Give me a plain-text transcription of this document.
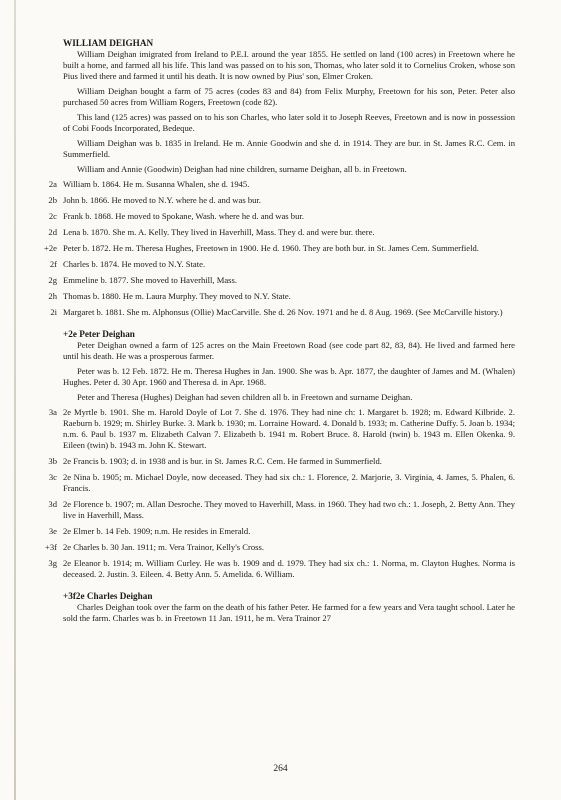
WILLIAM DEIGHAN

William Deighan imigrated from Ireland to P.E.I. around the year 1855. He settled on land (100 acres) in Freetown where he built a home, and farmed all his life. This land was passed on to his son, Thomas, who later sold it to Cornelius Croken, whose son Pius lived there and farmed it until his death. It is now owned by Pius' son, Elmer Croken.

William Deighan bought a farm of 75 acres (codes 83 and 84) from Felix Murphy, Freetown for his son, Peter. Peter also purchased 50 acres from William Rogers, Freetown (code 82).

This land (125 acres) was passed on to his son Charles, who later sold it to Joseph Reeves, Freetown and is now in possession of Cobi Foods Incorporated, Bedeque.

William Deighan was b. 1835 in Ireland. He m. Annie Goodwin and she d. in 1914. They are bur. in St. James R.C. Cem. in Summerfield.

William and Annie (Goodwin) Deighan had nine children, surname Deighan, all b. in Freetown.

2a William b. 1864. He m. Susanna Whalen, she d. 1945.
2b John b. 1866. He moved to N.Y. where he d. and was bur.
2c Frank b. 1868. He moved to Spokane, Wash. where he d. and was bur.
2d Lena b. 1870. She m. A. Kelly. They lived in Haverhill, Mass. They d. and were bur. there.
+2e Peter b. 1872. He m. Theresa Hughes, Freetown in 1900. He d. 1960. They are both bur. in St. James Cem. Summerfield.
2f Charles b. 1874. He moved to N.Y. State.
2g Emmeline b. 1877. She moved to Haverhill, Mass.
2h Thomas b. 1880. He m. Laura Murphy. They moved to N.Y. State.
2i Margaret b. 1881. She m. Alphonsus (Ollie) MacCarville. She d. 26 Nov. 1971 and he d. 8 Aug. 1969. (See McCarville history.)
+2e Peter Deighan

Peter Deighan owned a farm of 125 acres on the Main Freetown Road (see code part 82, 83, 84). He lived and farmed here until his death. He was a prosperous farmer.

Peter was b. 12 Feb. 1872. He m. Theresa Hughes in Jan. 1900. She was b. Apr. 1877, the daughter of James and M. (Whalen) Hughes. Peter d. 30 Apr. 1960 and Theresa d. in Apr. 1968.

Peter and Theresa (Hughes) Deighan had seven children all b. in Freetown and surname Deighan.

3a 2e Myrtle b. 1901. She m. Harold Doyle of Lot 7. She d. 1976. They had nine ch: 1. Margaret b. 1928; m. Edward Kilbride. 2. Raeburn b. 1929; m. Shirley Burke. 3. Mark b. 1930; m. Lorraine Howard. 4. Donald b. 1933; m. Catherine Duffy. 5. Joan b. 1934; n.m. 6. Paul b. 1937 m. Elizabeth Calvan 7. Elizabeth b. 1941 m. Robert Bruce. 8. Harold (twin) b. 1943 m. Ellen Okenka. 9. Eileen (twin) b. 1943 m. John K. Stewart.
3b 2e Francis b. 1903; d. in 1938 and is bur. in St. James R.C. Cem. He farmed in Summerfield.
3c 2e Nina b. 1905; m. Michael Doyle, now deceased. They had six ch.: 1. Florence, 2. Marjorie, 3. Virginia, 4. James, 5. Phalen, 6. Francis.
3d 2e Florence b. 1907; m. Allan Desroche. They moved to Haverhill, Mass. in 1960. They had two ch.: 1. Joseph, 2. Betty Ann. They live in Haverhill, Mass.
3e 2e Elmer b. 14 Feb. 1909; n.m. He resides in Emerald.
+3f 2e Charles b. 30 Jan. 1911; m. Vera Trainor, Kelly's Cross.
3g 2e Eleanor b. 1914; m. William Curley. He was b. 1909 and d. 1979. They had six ch.: 1. Norma, m. Clayton Hughes. Norma is deceased. 2. Justin. 3. Eileen. 4. Betty Ann. 5. Amelida. 6. William.
+3f2e Charles Deighan

Charles Deighan took over the farm on the death of his father Peter. He farmed for a few years and Vera taught school. Later he sold the farm. Charles was b. in Freetown 11 Jan. 1911, he m. Vera Trainor 27

264
